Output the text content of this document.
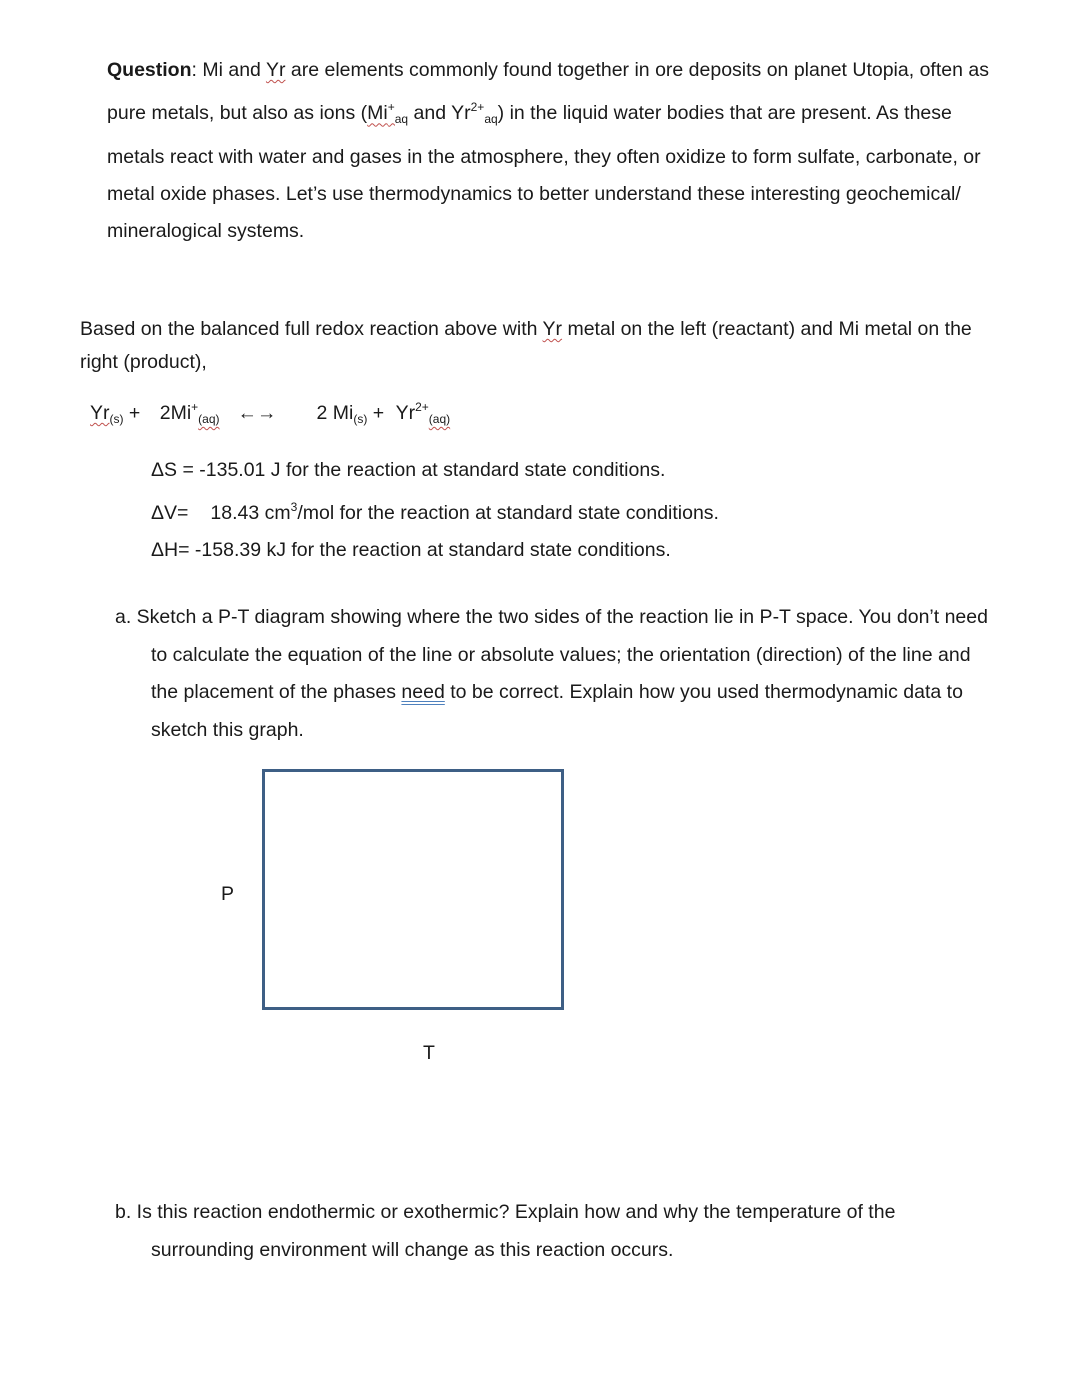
Question: Mi and Yr are elements commonly found together in ore deposits on planet Utopia, often as pure metals, but also as ions ($Mi^+_{aq}$ and $Yr^{2+}_{aq}$) in the liquid water bodies that are present. As these metals react with water and gases in the atmosphere, they often oxidize to form sulfate, carbonate, or metal oxide phases. Let’s use thermodynamics to better understand these interesting geochemical/ mineralogical systems.
Based on the balanced full redox reaction above with Yr metal on the left (reactant) and Mi metal on the right (product),
$Yr_{(s)} + 2Mi^+_{(aq)}$ ←→ 2 $Mi_{(s)} + Yr^{2+}_{(aq)}$
ΔS = -135.01 J for the reaction at standard state conditions.
ΔV= 18.43 $cm^3$/mol for the reaction at standard state conditions.
ΔH= -158.39 kJ for the reaction at standard state conditions.
a. Sketch a P-T diagram showing where the two sides of the reaction lie in P-T space. You don’t need to calculate the equation of the line or absolute values; the orientation (direction) of the line and the placement of the phases need to be correct. Explain how you used thermodynamic data to sketch this graph.
P
T
b. Is this reaction endothermic or exothermic? Explain how and why the temperature of the surrounding environment will change as this reaction occurs.
